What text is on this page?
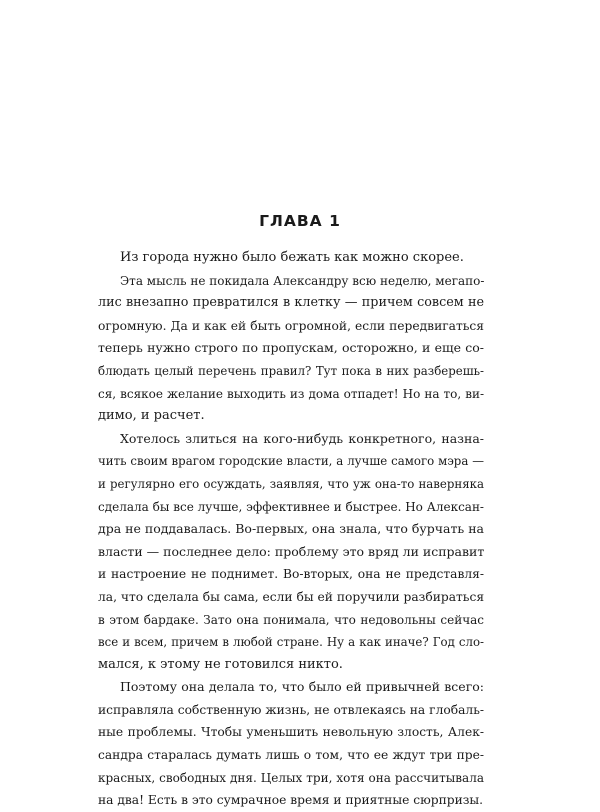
ГЛАВА 1
Из города нужно было бежать как можно скорее.
Эта мысль не покидала Александру всю неделю, мегапо-
лис внезапно превратился в клетку — причем совсем не
огромную. Да и как ей быть огромной, если передвигаться
теперь нужно строго по пропускам, осторожно, и еще со-
блюдать целый перечень правил? Тут пока в них разберешь-
ся, всякое желание выходить из дома отпадет! Но на то, ви-
димо, и расчет.
Хотелось злиться на кого-нибудь конкретного, назна-
чить своим врагом городские власти, а лучше самого мэра —
и регулярно его осуждать, заявляя, что уж она-то наверняка
сделала бы все лучше, эффективнее и быстрее. Но Алексан-
дра не поддавалась. Во-первых, она знала, что бурчать на
власти — последнее дело: проблему это вряд ли исправит
и настроение не поднимет. Во-вторых, она не представля-
ла, что сделала бы сама, если бы ей поручили разбираться
в этом бардаке. Зато она понимала, что недовольны сейчас
все и всем, причем в любой стране. Ну а как иначе? Год сло-
мался, к этому не готовился никто.
Поэтому она делала то, что было ей привычней всего:
исправляла собственную жизнь, не отвлекаясь на глобаль-
ные проблемы. Чтобы уменьшить невольную злость, Алек-
сандра старалась думать лишь о том, что ее ждут три пре-
красных, свободных дня. Целых три, хотя она рассчитывала
на два! Есть в это сумрачное время и приятные сюрпризы.
